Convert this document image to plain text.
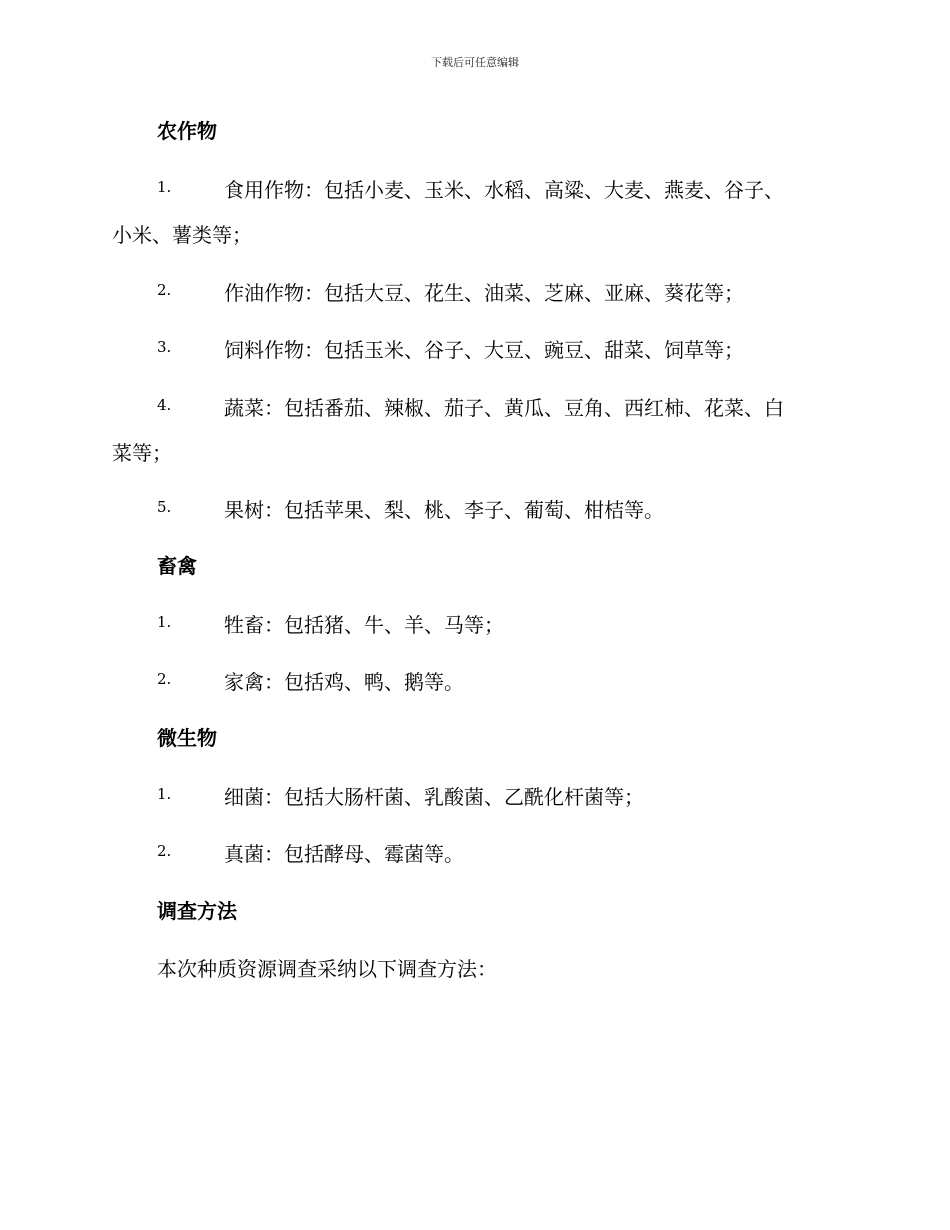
下载后可任意编辑
农作物
1.	食用作物：包括小麦、玉米、水稻、高粱、大麦、燕麦、谷子、
小米、薯类等；
2.	作油作物：包括大豆、花生、油菜、芝麻、亚麻、葵花等；
3.	饲料作物：包括玉米、谷子、大豆、豌豆、甜菜、饲草等；
4.	蔬菜：包括番茄、辣椒、茄子、黄瓜、豆角、西红柿、花菜、白
菜等；
5.	果树：包括苹果、梨、桃、李子、葡萄、柑桔等。
畜禽
1.	牲畜：包括猪、牛、羊、马等；
2.	家禽：包括鸡、鸭、鹅等。
微生物
1.	细菌：包括大肠杆菌、乳酸菌、乙酰化杆菌等；
2.	真菌：包括酵母、霉菌等。
调查方法
本次种质资源调查采纳以下调查方法：
